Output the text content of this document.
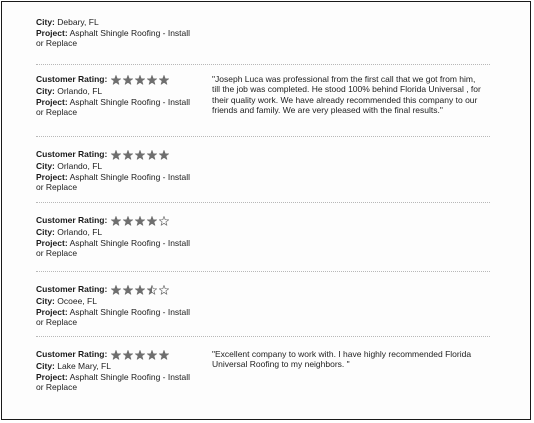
City: Debary, FL
Project: Asphalt Shingle Roofing - Install
or Replace
Customer Rating:
City: Orlando, FL
Project: Asphalt Shingle Roofing - Install
or Replace
"Joseph Luca was professional from the first call that we got from him, till the job was completed. He stood 100% behind Florida Universal , for their quality work. We have already recommended this company to our friends and family. We are very pleased with the final results."
Customer Rating:
City: Orlando, FL
Project: Asphalt Shingle Roofing - Install
or Replace
Customer Rating:
City: Orlando, FL
Project: Asphalt Shingle Roofing - Install
or Replace
Customer Rating:
City: Ocoee, FL
Project: Asphalt Shingle Roofing - Install
or Replace
Customer Rating:
City: Lake Mary, FL
Project: Asphalt Shingle Roofing - Install
or Replace
"Excellent company to work with. I have highly recommended Florida Universal Roofing to my neighbors. "
